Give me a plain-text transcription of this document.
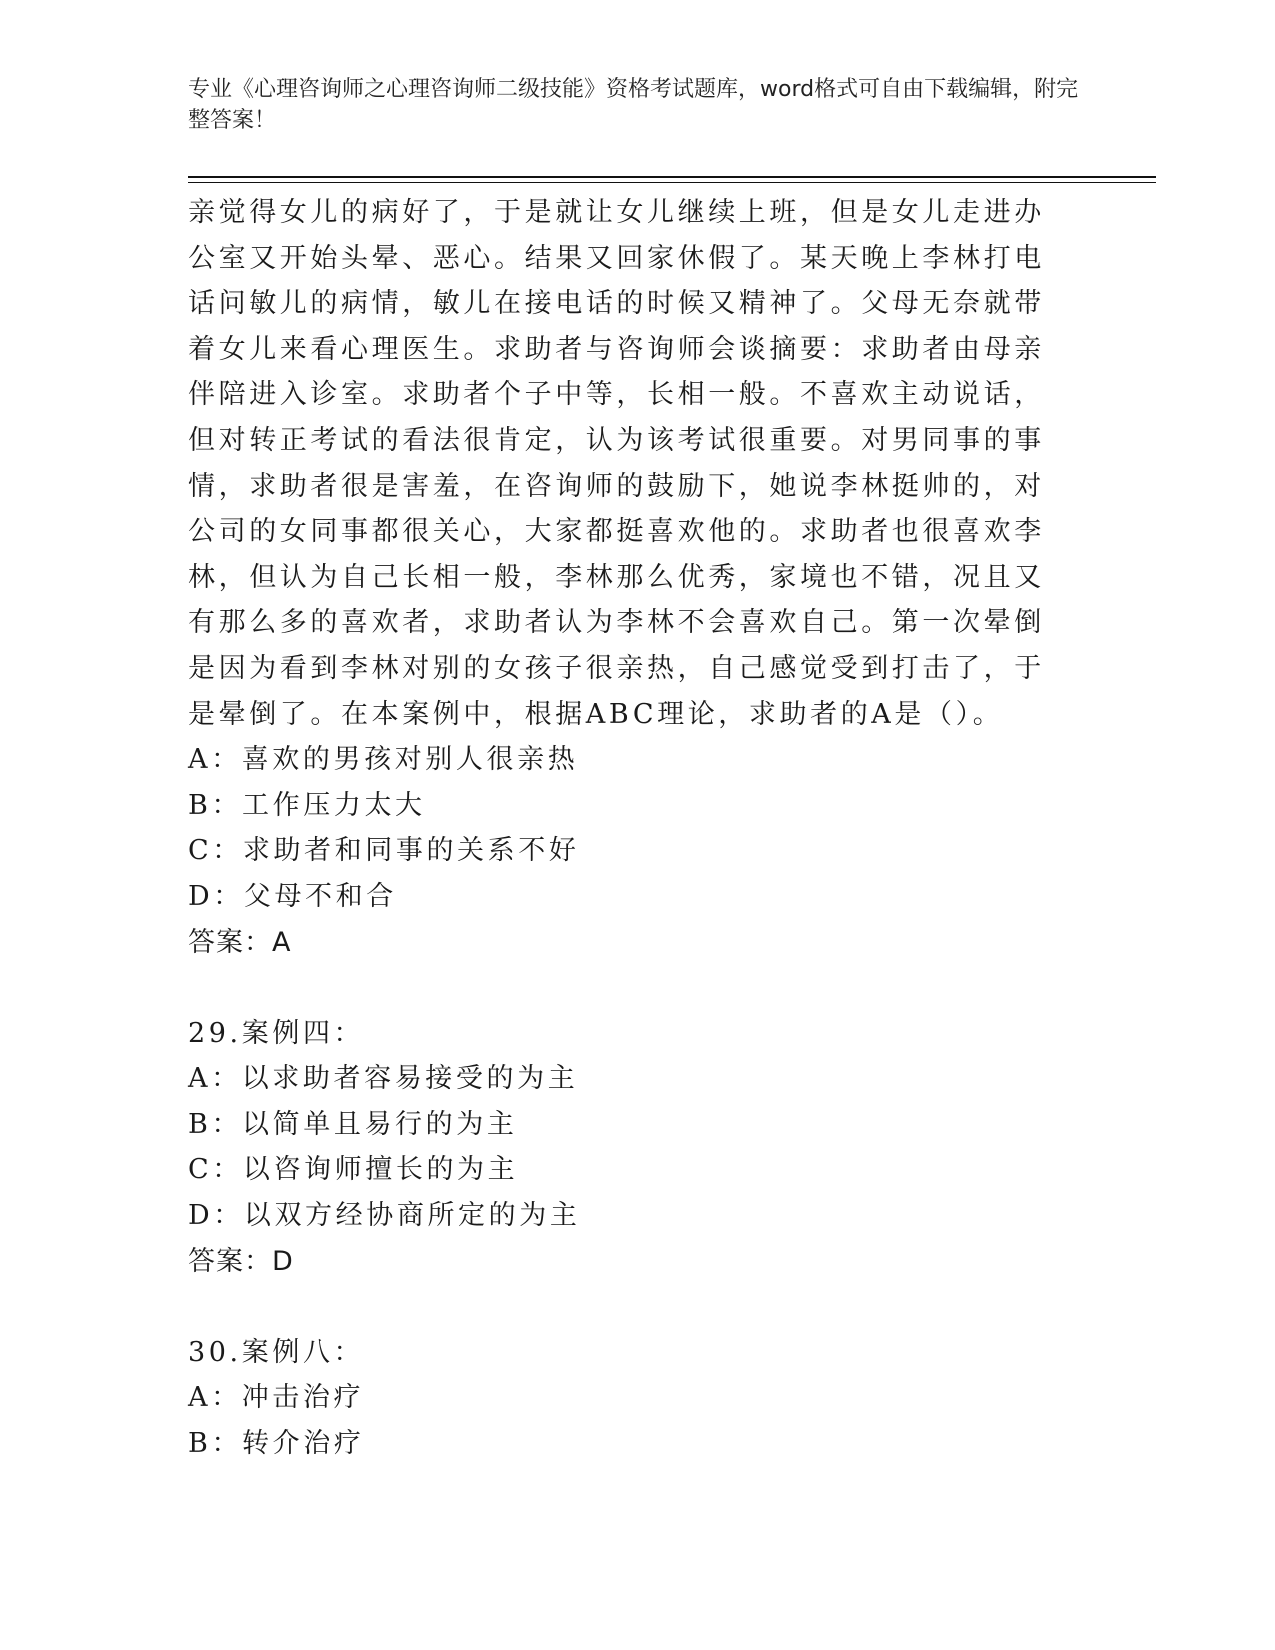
专业《心理咨询师之心理咨询师二级技能》资格考试题库，word格式可自由下载编辑，附完整答案！

亲觉得女儿的病好了，于是就让女儿继续上班，但是女儿走进办公室又开始头晕、恶心。结果又回家休假了。某天晚上李林打电话问敏儿的病情，敏儿在接电话的时候又精神了。父母无奈就带着女儿来看心理医生。求助者与咨询师会谈摘要：求助者由母亲伴陪进入诊室。求助者个子中等，长相一般。不喜欢主动说话，但对转正考试的看法很肯定，认为该考试很重要。对男同事的事情，求助者很是害羞，在咨询师的鼓励下，她说李林挺帅的，对公司的女同事都很关心，大家都挺喜欢他的。求助者也很喜欢李林，但认为自己长相一般，李林那么优秀，家境也不错，况且又有那么多的喜欢者，求助者认为李林不会喜欢自己。第一次晕倒是因为看到李林对别的女孩子很亲热，自己感觉受到打击了，于是晕倒了。在本案例中，根据ABC理论，求助者的A是（）。

A：喜欢的男孩对别人很亲热
B：工作压力太大
C：求助者和同事的关系不好
D：父母不和合
答案：A
29.案例四：
A：以求助者容易接受的为主
B：以简单且易行的为主
C：以咨询师擅长的为主
D：以双方经协商所定的为主
答案：D
30.案例八：
A：冲击治疗
B：转介治疗
